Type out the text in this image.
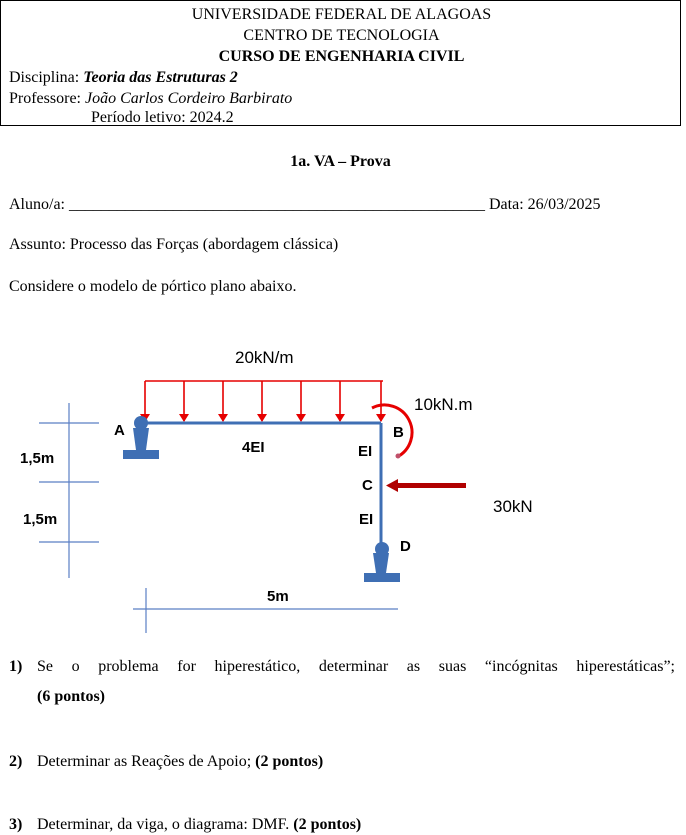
UNIVERSIDADE FEDERAL DE ALAGOAS
CENTRO DE TECNOLOGIA
CURSO DE ENGENHARIA CIVIL
Disciplina: Teoria das Estruturas 2
Professore: João Carlos Cordeiro Barbirato
Período letivo: 2024.2
1a. VA – Prova
Aluno/a: ____________________________________________________ Data: 26/03/2025
Assunto: Processo das Forças (abordagem clássica)
Considere o modelo de pórtico plano abaixo.
1,5m
1,5m
5m
20kN/m
10kN.m
30kN
A	B
C
D
4EI	EI
EI
1) Se o problema for hiperestático, determinar as suas “incógnitas hiperestáticas”;
(6 pontos)
2) Determinar as Reações de Apoio; (2 pontos)
3) Determinar, da viga, o diagrama: DMF. (2 pontos)
